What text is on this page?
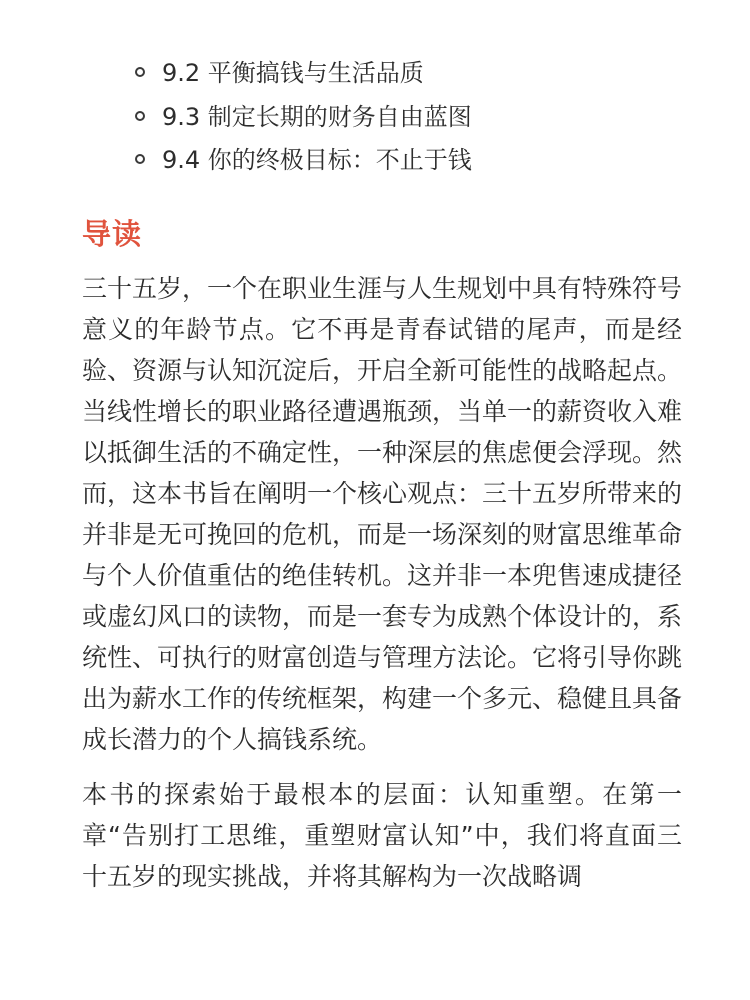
9.2 平衡搞钱与生活品质
9.3 制定长期的财务自由蓝图
9.4 你的终极目标：不止于钱
导读

三十五岁，一个在职业生涯与人生规划中具有特殊符号意义的年龄节点。它不再是青春试错的尾声，而是经验、资源与认知沉淀后，开启全新可能性的战略起点。当线性增长的职业路径遭遇瓶颈，当单一的薪资收入难以抵御生活的不确定性，一种深层的焦虑便会浮现。然而，这本书旨在阐明一个核心观点：三十五岁所带来的并非是无可挽回的危机，而是一场深刻的财富思维革命与个人价值重估的绝佳转机。这并非一本兜售速成捷径或虚幻风口的读物，而是一套专为成熟个体设计的，系统性、可执行的财富创造与管理方法论。它将引导你跳出为薪水工作的传统框架，构建一个多元、稳健且具备成长潜力的个人搞钱系统。

本书的探索始于最根本的层面：认知重塑。在第一章“告别打工思维，重塑财富认知”中，我们将直面三十五岁的现实挑战，并将其解构为一次战略调
